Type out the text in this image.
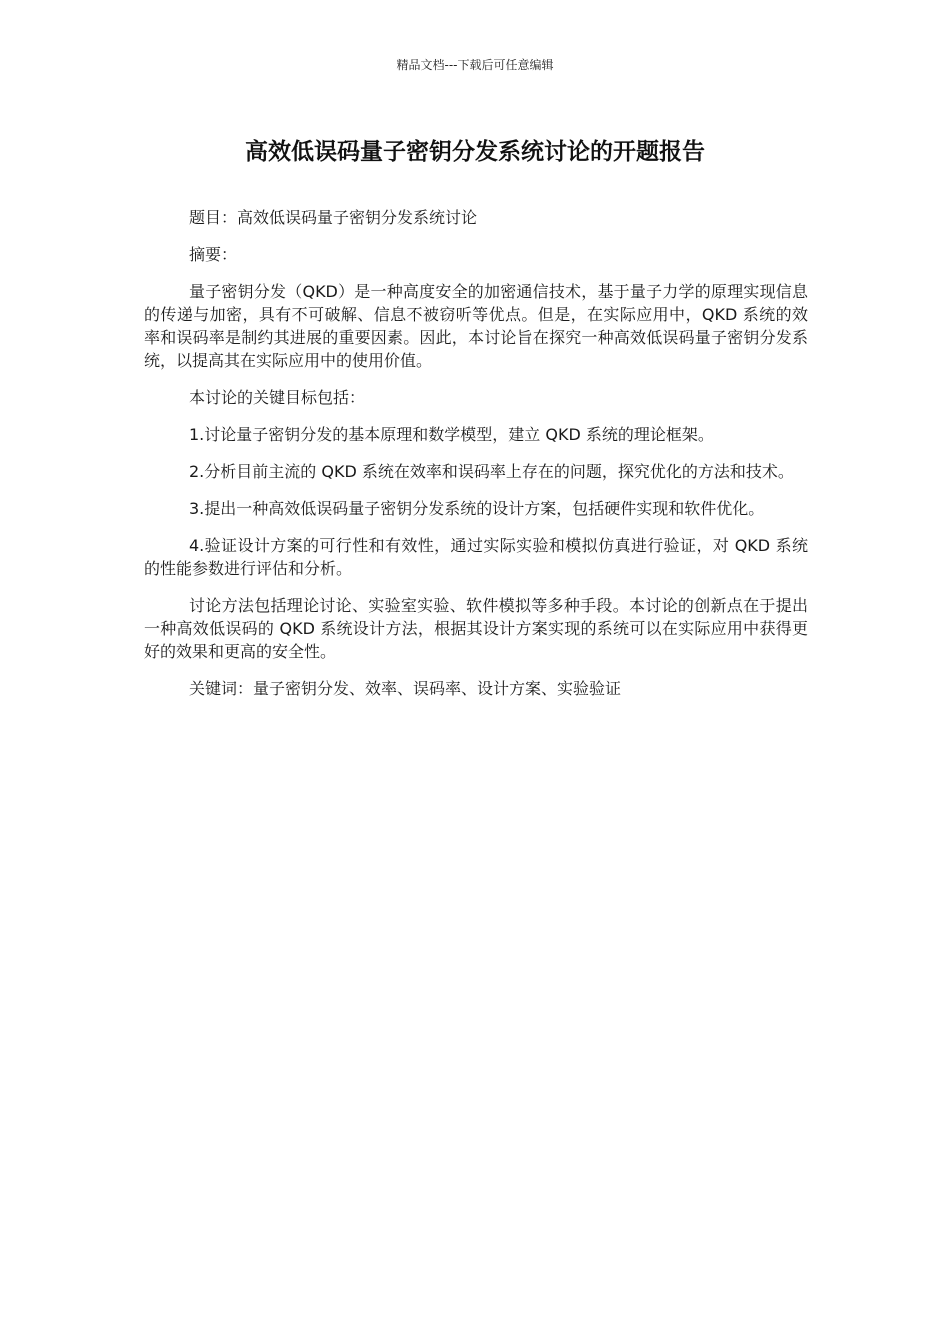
精品文档---下载后可任意编辑
高效低误码量子密钥分发系统讨论的开题报告

题目：高效低误码量子密钥分发系统讨论

摘要：

量子密钥分发（QKD）是一种高度安全的加密通信技术，基于量子力学的原理实现信息的传递与加密，具有不可破解、信息不被窃听等优点。但是，在实际应用中，QKD 系统的效率和误码率是制约其进展的重要因素。因此，本讨论旨在探究一种高效低误码量子密钥分发系统，以提高其在实际应用中的使用价值。

本讨论的关键目标包括：

1.讨论量子密钥分发的基本原理和数学模型，建立 QKD 系统的理论框架。

2.分析目前主流的 QKD 系统在效率和误码率上存在的问题，探究优化的方法和技术。

3.提出一种高效低误码量子密钥分发系统的设计方案，包括硬件实现和软件优化。

4.验证设计方案的可行性和有效性，通过实际实验和模拟仿真进行验证，对 QKD 系统的性能参数进行评估和分析。

讨论方法包括理论讨论、实验室实验、软件模拟等多种手段。本讨论的创新点在于提出一种高效低误码的 QKD 系统设计方法，根据其设计方案实现的系统可以在实际应用中获得更好的效果和更高的安全性。

关键词：量子密钥分发、效率、误码率、设计方案、实验验证
